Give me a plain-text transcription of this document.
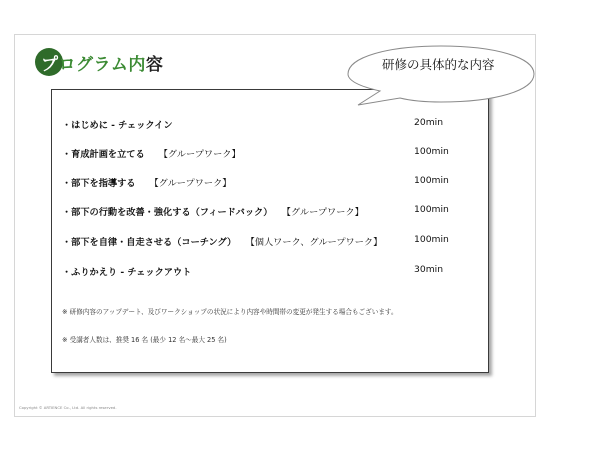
プログラム内容
・はじめに - チェックイン	20min
・育成計画を立てる 【グループワーク】	100min
・部下を指導する 【グループワーク】	100min
・部下の行動を改善・強化する（フィードバック） 【グループワーク】	100min
・部下を自律・自走させる（コーチング） 【個人ワーク、グループワーク】	100min
・ふりかえり - チェックアウト	30min
※ 研修内容のアップデート、及びワークショップの状況により内容や時間帯の変更が発生する場合もございます。
※ 受講者人数は、推奨 16 名 (最少 12 名～最大 25 名)
Copyright © ARTIENCE Co., Ltd. All rights reserved.
研修の具体的な内容
